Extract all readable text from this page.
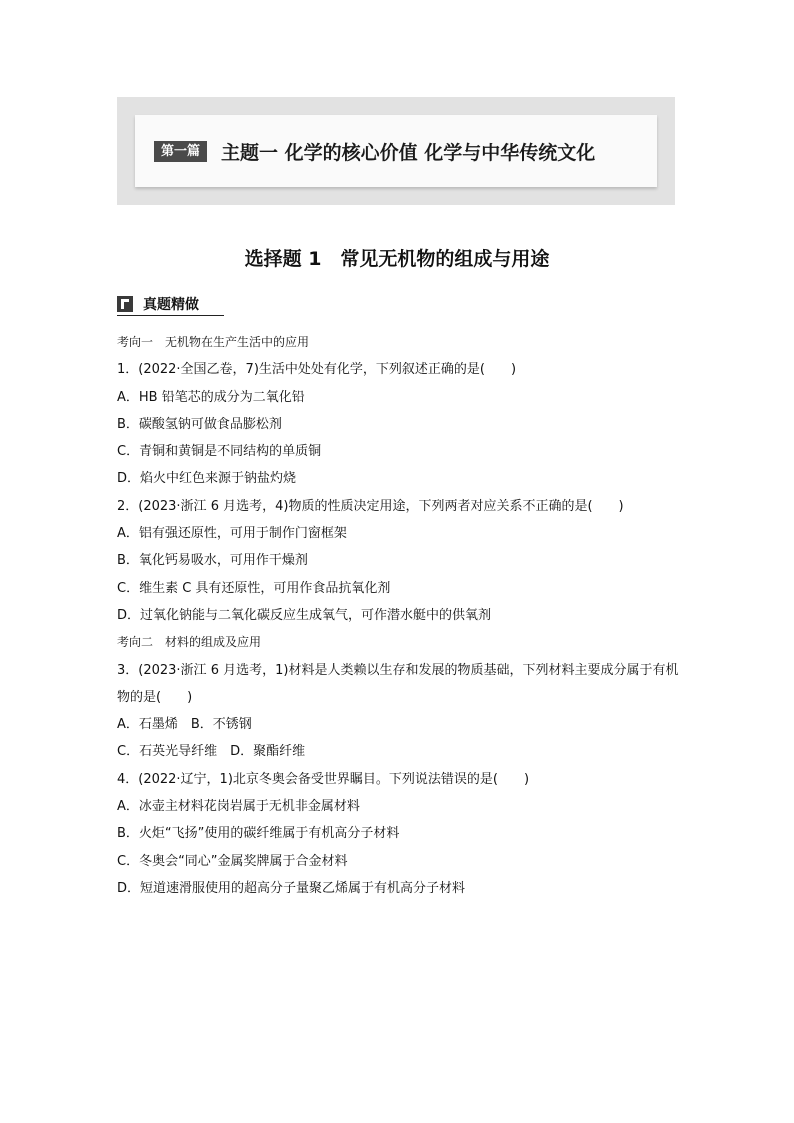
第一篇	主题一 化学的核心价值 化学与中华传统文化
选择题 1　常见无机物的组成与用途
真题精做
考向一　无机物在生产生活中的应用
1．(2022·全国乙卷，7)生活中处处有化学，下列叙述正确的是(　　)
A．HB 铅笔芯的成分为二氧化铅
B．碳酸氢钠可做食品膨松剂
C．青铜和黄铜是不同结构的单质铜
D．焰火中红色来源于钠盐灼烧
2．(2023·浙江 6 月选考，4)物质的性质决定用途，下列两者对应关系不正确的是(　　)
A．铝有强还原性，可用于制作门窗框架
B．氧化钙易吸水，可用作干燥剂
C．维生素 C 具有还原性，可用作食品抗氧化剂
D．过氧化钠能与二氧化碳反应生成氧气，可作潜水艇中的供氧剂
考向二　材料的组成及应用
3．(2023·浙江 6 月选考，1)材料是人类赖以生存和发展的物质基础，下列材料主要成分属于有机物的是(　　)
A．石墨烯　B．不锈钢
C．石英光导纤维　D．聚酯纤维
4．(2022·辽宁，1)北京冬奥会备受世界瞩目。下列说法错误的是(　　)
A．冰壶主材料花岗岩属于无机非金属材料
B．火炬“飞扬”使用的碳纤维属于有机高分子材料
C．冬奥会“同心”金属奖牌属于合金材料
D．短道速滑服使用的超高分子量聚乙烯属于有机高分子材料
